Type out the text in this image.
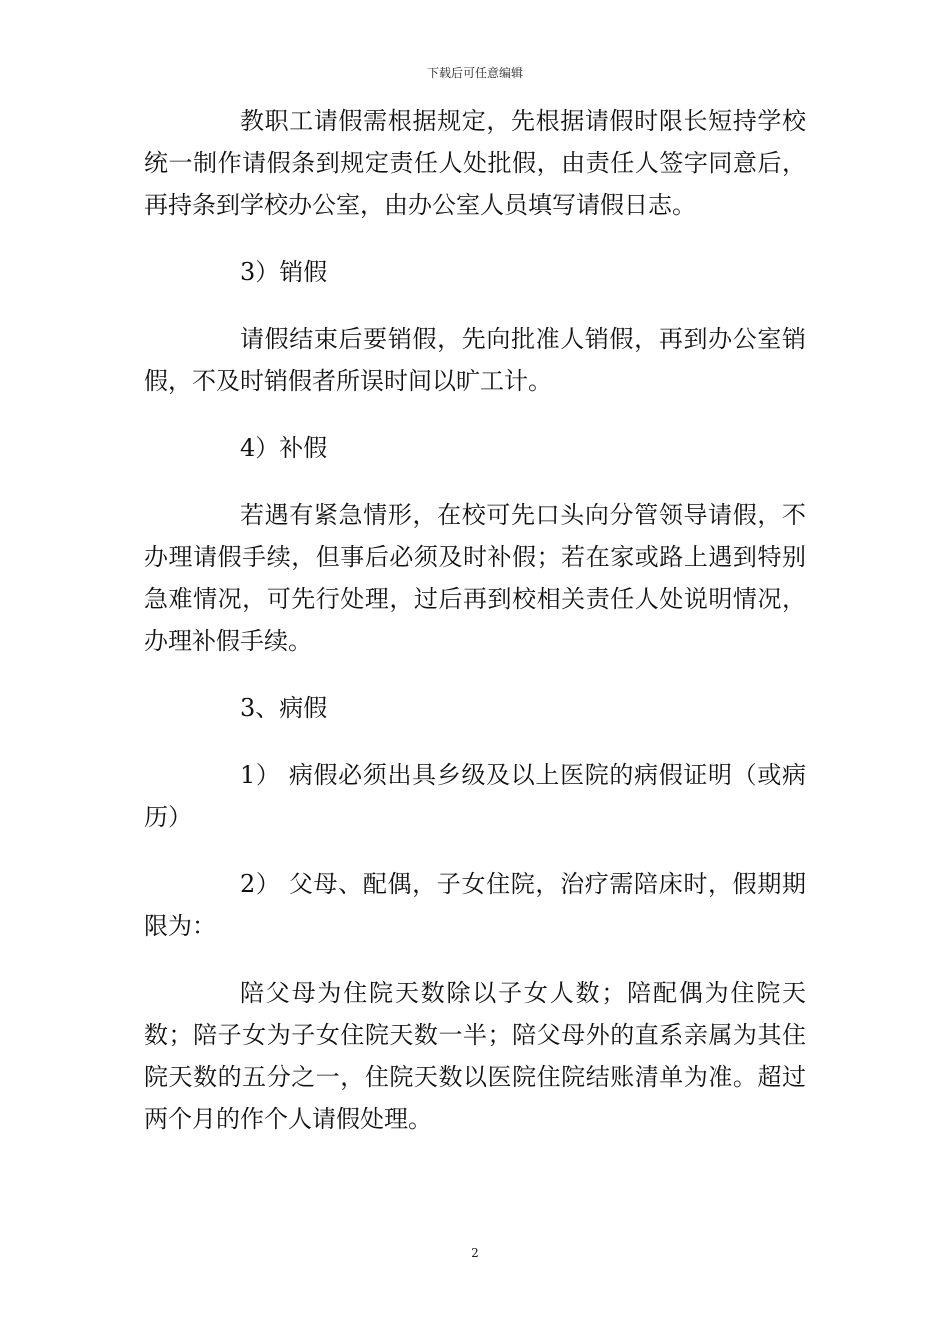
下载后可任意编辑

教职工请假需根据规定，先根据请假时限长短持学校统一制作请假条到规定责任人处批假，由责任人签字同意后，再持条到学校办公室，由办公室人员填写请假日志。

3）销假

请假结束后要销假，先向批准人销假，再到办公室销假，不及时销假者所误时间以旷工计。

4）补假

若遇有紧急情形，在校可先口头向分管领导请假，不办理请假手续，但事后必须及时补假；若在家或路上遇到特别急难情况，可先行处理，过后再到校相关责任人处说明情况，办理补假手续。

3、病假

1） 病假必须出具乡级及以上医院的病假证明（或病历）

2） 父母、配偶，子女住院，治疗需陪床时，假期期限为：

陪父母为住院天数除以子女人数；陪配偶为住院天数；陪子女为子女住院天数一半；陪父母外的直系亲属为其住院天数的五分之一，住院天数以医院住院结账清单为准。超过两个月的作个人请假处理。

2
